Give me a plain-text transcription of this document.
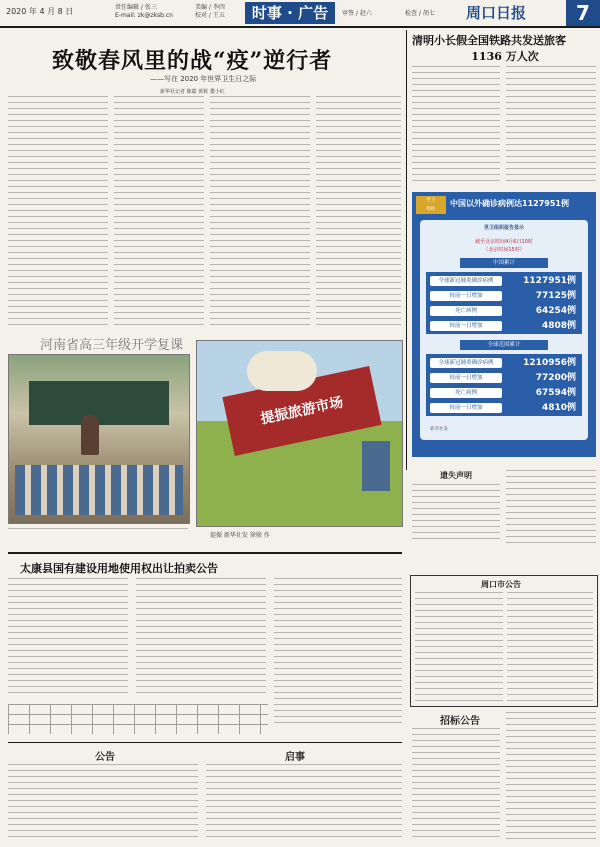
2020 年 4 月 8 日	责任编辑 / 张三
E-mail: zk@zksb.cn
美编 / 李四
校对 / 王五	时事 · 广告	审签 / 赵六	检查 / 胡七 周口日报	7
致敬春风里的战“疫”逆行者
——写在 2020 年世界卫生日之际
新华社记者 陈聪 黄筱 董小红
清明小长假全国铁路共发送旅客
1136 万人次
世卫
组织
中国以外确诊病例达1127951例
世卫组织报告显示
截至北京时间4月6日10时
（北京时间15时）
中国累计
全球新冠肺炎确诊病例	1127951例
较前一日增加	77125例
死亡病例	64254例
较前一日增加	4808例
全球范围累计
全球新冠肺炎确诊病例	1210956例
较前一日增加	77200例
死亡病例	67594例
较前一日增加	4810例
新华社发
河南省高三年级开学复课
提振旅游市场
提振 新华社发 徐骏 作
遗失声明
周口市公告
招标公告
太康县国有建设用地使用权出让拍卖公告
公告	启事
